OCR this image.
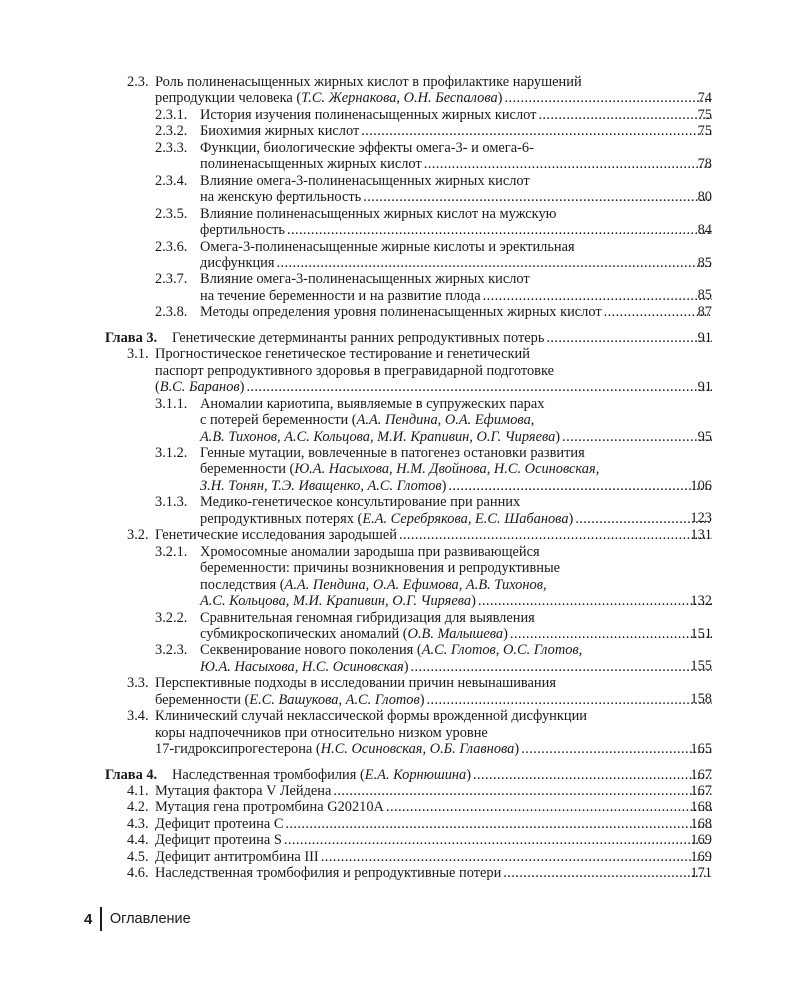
2.3. Роль полиненасыщенных жирных кислот в профилактике нарушений
репродукции человека (Т.С. Жернакова, О.Н. Беспалова) . . .	74
2.3.1. История изучения полиненасыщенных жирных кислот . . .	75
2.3.2. Биохимия жирных кислот . . .	75
2.3.3. Функции, биологические эффекты омега-3- и омега-6-
полиненасыщенных жирных кислот . . .	78
2.3.4. Влияние омега-3-полиненасыщенных жирных кислот
на женскую фертильность . . .	80
2.3.5. Влияние полиненасыщенных жирных кислот на мужскую
фертильность . . .	84
2.3.6. Омега-3-полиненасыщенные жирные кислоты и эректильная
дисфункция . . .	85
2.3.7. Влияние омега-3-полиненасыщенных жирных кислот
на течение беременности и на развитие плода . . .	85
2.3.8. Методы определения уровня полиненасыщенных жирных кислот . . .	87
Глава 3. Генетические детерминанты ранних репродуктивных потерь . . .	91
3.1. Прогностическое генетическое тестирование и генетический
паспорт репродуктивного здоровья в прегравидарной подготовке
(В.С. Баранов) . . .	91
3.1.1. Аномалии кариотипа, выявляемые в супружеских парах
с потерей беременности (А.А. Пендина, О.А. Ефимова,
А.В. Тихонов, А.С. Кольцова, М.И. Крапивин, О.Г. Чиряева) . . .	95
3.1.2. Генные мутации, вовлеченные в патогенез остановки развития
беременности (Ю.А. Насыхова, Н.М. Двойнова, Н.С. Осиновская,
З.Н. Тонян, Т.Э. Иващенко, А.С. Глотов) . . .	106
3.1.3. Медико-генетическое консультирование при ранних
репродуктивных потерях (Е.А. Серебрякова, Е.С. Шабанова) . . .	123
3.2. Генетические исследования зародышей . . .	131
3.2.1. Хромосомные аномалии зародыша при развивающейся
беременности: причины возникновения и репродуктивные
последствия (А.А. Пендина, О.А. Ефимова, А.В. Тихонов,
А.С. Кольцова, М.И. Крапивин, О.Г. Чиряева) . . .	132
3.2.2. Сравнительная геномная гибридизация для выявления
субмикроскопических аномалий (О.В. Малышева) . . .	151
3.2.3. Секвенирование нового поколения (А.С. Глотов, О.С. Глотов,
Ю.А. Насыхова, Н.С. Осиновская) . . .	155
3.3. Перспективные подходы в исследовании причин невынашивания
беременности (Е.С. Вашукова, А.С. Глотов) . . .	158
3.4. Клинический случай неклассической формы врожденной дисфункции
коры надпочечников при относительно низком уровне
17-гидроксипрогестерона (Н.С. Осиновская, О.Б. Главнова) . . .	165
Глава 4. Наследственная тромбофилия (Е.А. Корнюшина) . . .	167
4.1. Мутация фактора V Лейдена . . .	167
4.2. Мутация гена протромбина G20210A . . .	168
4.3. Дефицит протеина С . . .	168
4.4. Дефицит протеина S . . .	169
4.5. Дефицит антитромбина III . . .	169
4.6. Наследственная тромбофилия и репродуктивные потери . . .	171
4 Оглавление
